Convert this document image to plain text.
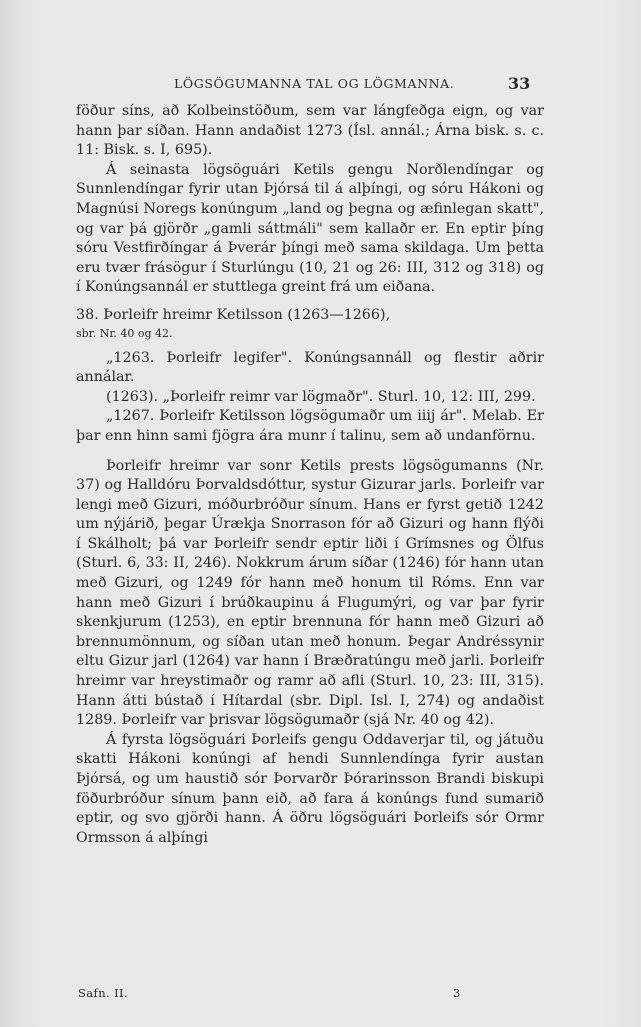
LÖGSÖGUMANNA TAL OG LÖGMANNA.	33

föður síns, að Kolbeinstöðum, sem var lángfeðga eign, og var hann þar síðan. Hann andaðist 1273 (Ísl. annál.; Árna bisk. s. c. 11: Bisk. s. I, 695).

Á seinasta lögsöguári Ketils gengu Norðlendíngar og Sunnlendíngar fyrir utan Þjórsá til á alþíngi, og sóru Hákoni og Magnúsi Noregs konúngum „land og þegna og æfinlegan skatt", og var þá gjörðr „gamli sáttmáli" sem kallaðr er. En eptir þíng sóru Vestfirðíngar á Þverár þíngi með sama skildaga. Um þetta eru tvær frásögur í Sturlúngu (10, 21 og 26: III, 312 og 318) og í Konúngsannál er stuttlega greint frá um eiðana.

38. Þorleifr hreimr Ketilsson (1263—1266),

sbr. Nr. 40 og 42.

„1263. Þorleifr legifer". Konúngsannáll og flestir aðrir annálar.

(1263). „Þorleifr reimr var lögmaðr". Sturl. 10, 12: III, 299.

„1267. Þorleifr Ketilsson lögsögumaðr um iiij ár". Melab. Er þar enn hinn sami fjögra ára munr í talinu, sem að undanförnu.

Þorleifr hreimr var sonr Ketils prests lögsögumanns (Nr. 37) og Halldóru Þorvaldsdóttur, systur Gizurar jarls. Þorleifr var lengi með Gizuri, móðurbróður sínum. Hans er fyrst getið 1242 um nýjárið, þegar Úrækja Snorrason fór að Gizuri og hann flýði í Skálholt; þá var Þorleifr sendr eptir liði í Grímsnes og Ölfus (Sturl. 6, 33: II, 246). Nokkrum árum síðar (1246) fór hann utan með Gizuri, og 1249 fór hann með honum til Róms. Enn var hann með Gizuri í brúðkaupinu á Flugumýri, og var þar fyrir skenkjurum (1253), en eptir brennuna fór hann með Gizuri að brennumönnum, og síðan utan með honum. Þegar Andréssynir eltu Gizur jarl (1264) var hann í Bræðratúngu með jarli. Þorleifr hreimr var hreystimaðr og ramr að afli (Sturl. 10, 23: III, 315). Hann átti bústað í Hítardal (sbr. Dipl. Isl. I, 274) og andaðist 1289. Þorleifr var þrisvar lögsögumaðr (sjá Nr. 40 og 42).

Á fyrsta lögsöguári Þorleifs gengu Oddaverjar til, og játuðu skatti Hákoni konúngi af hendi Sunnlendínga fyrir austan Þjórsá, og um haustið sór Þorvarðr Þórarinsson Brandi biskupi föðurbróður sínum þann eið, að fara á konúngs fund sumarið eptir, og svo gjörði hann. Á öðru lögsöguári Þorleifs sór Ormr Ormsson á alþíngi

Safn. II.	3
